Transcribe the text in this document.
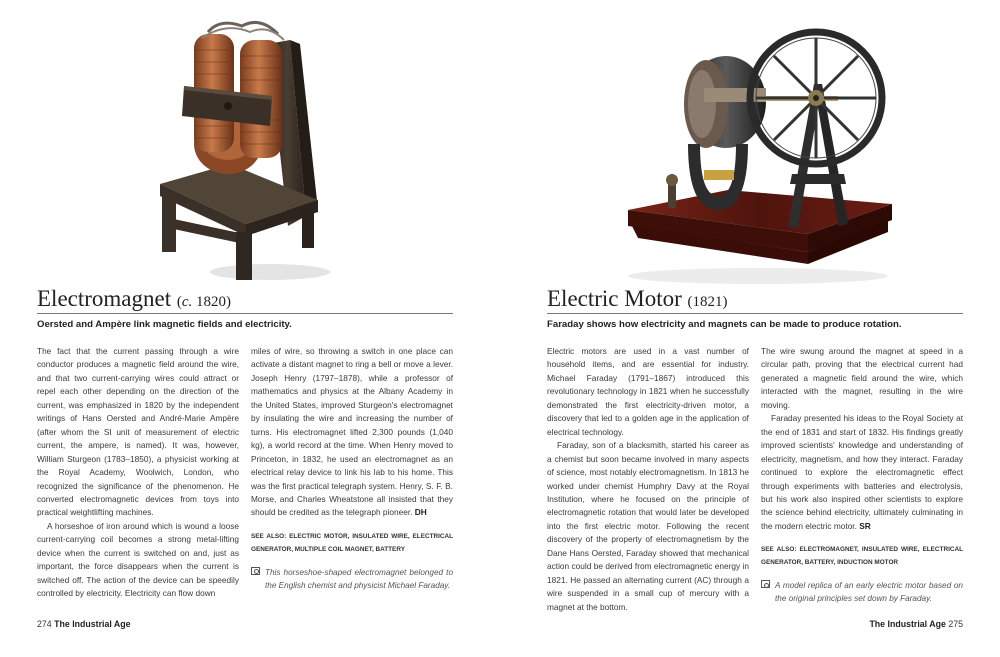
Electromagnet (c. 1820)
Oersted and Ampère link magnetic fields and electricity.

The fact that the current passing through a wire conductor produces a magnetic field around the wire, and that two current-carrying wires could attract or repel each other depending on the direction of the current, was emphasized in 1820 by the independent writings of Hans Oersted and André-Marie Ampère (after whom the SI unit of measurement of electric current, the ampere, is named). It was, however, William Sturgeon (1783–1850), a physicist working at the Royal Academy, Woolwich, London, who recognized the significance of the phenomenon. He converted electromagnetic devices from toys into practical weightlifting machines.

A horseshoe of iron around which is wound a loose current-carrying coil becomes a strong metal-lifting device when the current is switched on and, just as important, the force disappears when the current is switched off. The action of the device can be speedily controlled by electricity. Electricity can flow down

miles of wire, so throwing a switch in one place can activate a distant magnet to ring a bell or move a lever. Joseph Henry (1797–1878), while a professor of mathematics and physics at the Albany Academy in the United States, improved Sturgeon's electromagnet by insulating the wire and increasing the number of turns. His electromagnet lifted 2,300 pounds (1,040 kg), a world record at the time. When Henry moved to Princeton, in 1832, he used an electromagnet as an electrical relay device to link his lab to his home. This was the first practical telegraph system. Henry, S. F. B. Morse, and Charles Wheatstone all insisted that they should be credited as the telegraph pioneer. DH

SEE ALSO: ELECTRIC MOTOR, INSULATED WIRE, ELECTRICAL GENERATOR, MULTIPLE COIL MAGNET, BATTERY
This horseshoe-shaped electromagnet belonged to the English chemist and physicist Michael Faraday.
274 The Industrial Age
Electric Motor (1821)
Faraday shows how electricity and magnets can be made to produce rotation.

Electric motors are used in a vast number of household items, and are essential for industry. Michael Faraday (1791–1867) introduced this revolutionary technology in 1821 when he successfully demonstrated the first electricity-driven motor, a discovery that led to a golden age in the application of electrical technology.

Faraday, son of a blacksmith, started his career as a chemist but soon became involved in many aspects of science, most notably electromagnetism. In 1813 he worked under chemist Humphry Davy at the Royal Institution, where he focused on the principle of electromagnetic rotation that would later be developed into the first electric motor. Following the recent discovery of the property of electromagnetism by the Dane Hans Oersted, Faraday showed that mechanical action could be derived from electromagnetic energy in 1821. He passed an alternating current (AC) through a wire suspended in a small cup of mercury with a magnet at the bottom.

The wire swung around the magnet at speed in a circular path, proving that the electrical current had generated a magnetic field around the wire, which interacted with the magnet, resulting in the wire moving.

Faraday presented his ideas to the Royal Society at the end of 1831 and start of 1832. His findings greatly improved scientists' knowledge and understanding of electricity, magnetism, and how they interact. Faraday continued to explore the electromagnetic effect through experiments with batteries and electrolysis, but his work also inspired other scientists to explore the science behind electricity, ultimately culminating in the modern electric motor. SR

SEE ALSO: ELECTROMAGNET, INSULATED WIRE, ELECTRICAL GENERATOR, BATTERY, INDUCTION MOTOR
A model replica of an early electric motor based on the original principles set down by Faraday.
The Industrial Age 275
